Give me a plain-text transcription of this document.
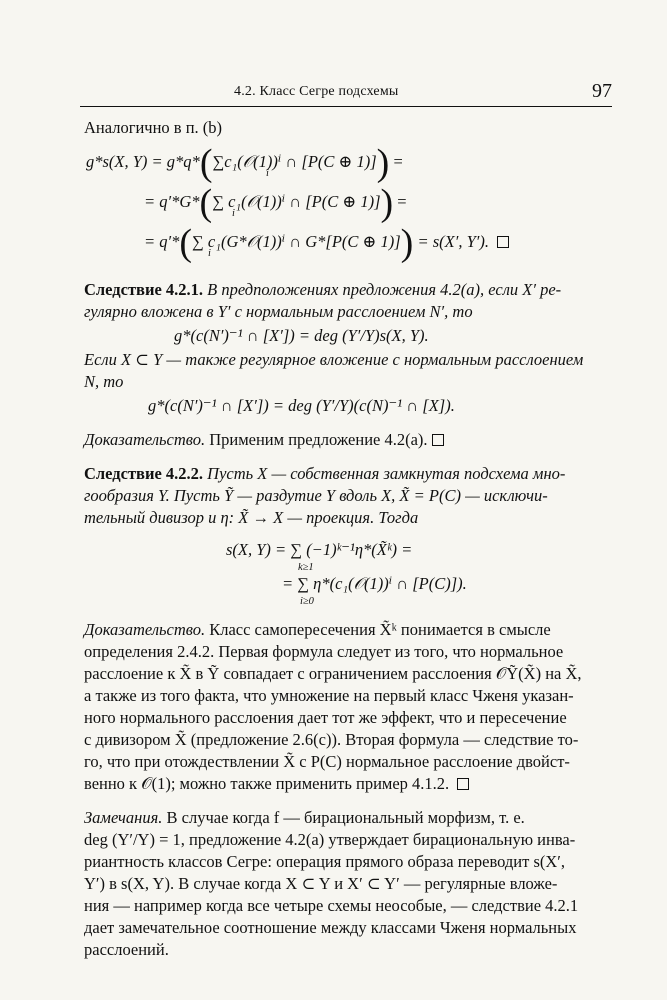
4.2. Класс Сегре подсхемы	97
Аналогично в п. (b)
g*s(X, Y) = g*q*(∑c₁(𝒪(1))ⁱ ∩ [P(C ⊕ 1)]) =
i
= q′*G*(∑ c₁(𝒪(1))ⁱ ∩ [P(C ⊕ 1)]) =
i
= q′*(∑ c₁(G*𝒪(1))ⁱ ∩ G*[P(C ⊕ 1)]) = s(X′, Y′).
i
Следствие 4.2.1. В предположениях предложения 4.2(a), если X′ ре-
гулярно вложена в Y′ с нормальным расслоением N′, то
g*(c(N′)⁻¹ ∩ [X′]) = deg (Y′/Y)s(X, Y).
Если X ⊂ Y — также регулярное вложение с нормальным расслоением
N, то
g*(c(N′)⁻¹ ∩ [X′]) = deg (Y′/Y)(c(N)⁻¹ ∩ [X]).
Доказательство. Применим предложение 4.2(a).
Следствие 4.2.2. Пусть X — собственная замкнутая подсхема мно-
гообразия Y. Пусть Ỹ — раздутие Y вдоль X, X̃ = P(C) — исключи-
тельный дивизор и η: X̃ → X — проекция. Тогда
s(X, Y) = ∑ (−1)ᵏ⁻¹η*(X̃ᵏ) =
k≥1
= ∑ η*(c₁(𝒪(1))ⁱ ∩ [P(C)]).
i≥0
Доказательство. Класс самопересечения X̃ᵏ понимается в смысле
определения 2.4.2. Первая формула следует из того, что нормальное
расслоение к X̃ в Ỹ совпадает с ограничением расслоения 𝒪Ỹ(X̃) на X̃,
а также из того факта, что умножение на первый класс Чженя указан-
ного нормального расслоения дает тот же эффект, что и пересечение
с дивизором X̃ (предложение 2.6(c)). Вторая формула — следствие то-
го, что при отождествлении X̃ с P(C) нормальное расслоение двойст-
венно к 𝒪(1); можно также применить пример 4.1.2.
Замечания. В случае когда f — бирациональный морфизм, т. е.
deg (Y′/Y) = 1, предложение 4.2(a) утверждает бирациональную инва-
риантность классов Сегре: операция прямого образа переводит s(X′,
Y′) в s(X, Y). В случае когда X ⊂ Y и X′ ⊂ Y′ — регулярные вложе-
ния — например когда все четыре схемы неособые, — следствие 4.2.1
дает замечательное соотношение между классами Чженя нормальных
расслоений.
